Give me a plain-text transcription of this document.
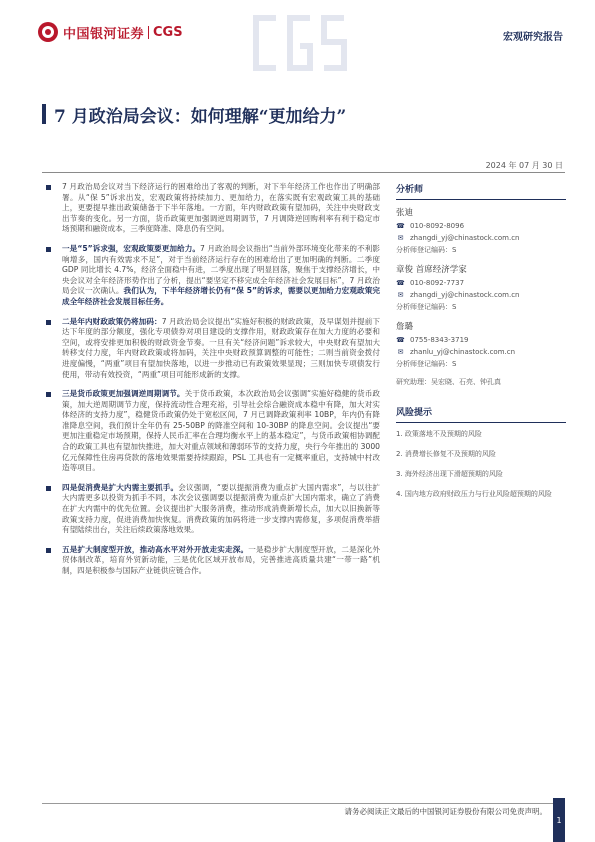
中国银河证券 CGS	宏观研究报告
7 月政治局会议：如何理解“更加给力”
2024 年 07 月 30 日
7 月政治局会议对当下经济运行的困难给出了客观的判断，对下半年经济工作也作出了明确部署。从“保 5”诉求出发，宏观政策将持续加力、更加给力，在落实既有宏观政策工具的基础上，更要提早推出政策储备于下半年落地。一方面，年内财政政策有望加码，关注中央财政支出节奏的变化。另一方面，货币政策更加强调逆周期调节，7 月调降逆回购利率有利于稳定市场预期和融资成本，三季度降准、降息仍有空间。
一是“5”诉求强，宏观政策要更加给力。7 月政治局会议指出“当前外部环境变化带来的不利影响增多，国内有效需求不足”，对于当前经济运行存在的困难给出了更加明确的判断。二季度 GDP 同比增长 4.7%，经济全面稳中有进，二季度出现了明显回落，聚焦于支撑经济增长，中央会议对全年经济形势作出了分析，提出“要坚定不移完成全年经济社会发展目标”，7 月政治局会议一次确认。我们认为，下半年经济增长仍有“保 5”的诉求，需要以更加给力宏观政策完成全年经济社会发展目标任务。
二是年内财政政策仍将加码：7 月政治局会议提出“实施好积极的财政政策，及早谋划并提前下达下年度的部分额度，强化专项债券对项目建设的支撑作用，财政政策存在加大力度的必要和空间，或将安排更加积极的财政资金节奏。一旦有关“经济问题”诉求较大，中央财政有望加大转移支付力度，年内财政政策或将加码，关注中央财政预算调整的可能性；二则当前资金拨付进度偏慢，“两重”项目有望加快落地，以进一步推动已有政策效果显现；三则加快专项债发行使用，带动有效投资，“两重”项目可能形成新的支撑。
三是货币政策更加强调逆周期调节。关于货币政策，本次政治局会议强调“实施好稳健的货币政策，加大逆周期调节力度，保持流动性合理充裕，引导社会综合融资成本稳中有降，加大对实体经济的支持力度”，稳健货币政策仍处于宽松区间，7 月已调降政策利率 10BP，年内仍有降准降息空间，我们预计全年仍有 25-50BP 的降准空间和 10-30BP 的降息空间。会议提出“要更加注重稳定市场预期，保持人民币汇率在合理均衡水平上的基本稳定”，与货币政策相协调配合的政策工具也有望加快推进，加大对重点领域和薄弱环节的支持力度，央行今年推出的 3000 亿元保障性住房再贷款的落地效果需要持续跟踪，PSL 工具也有一定概率重启，支持城中村改造等项目。
四是促消费是扩大内需主要抓手。会议强调，“要以提振消费为重点扩大国内需求”，与以往扩大内需更多以投资为抓手不同，本次会议强调要以提振消费为重点扩大国内需求，确立了消费在扩大内需中的优先位置。会议提出扩大服务消费，推动形成消费新增长点，加大以旧换新等政策支持力度，促进消费加快恢复。消费政策的加码将进一步支撑内需修复，多项促消费举措有望陆续出台，关注后续政策落地效果。
五是扩大制度型开放，推动高水平对外开放走实走深。一是稳步扩大制度型开放，二是深化外贸体制改革，培育外贸新动能，三是优化区域开放布局，完善推进高质量共建“一带一路”机制，四是积极参与国际产业链供应链合作。
分析师
张迪
☎ 010-8092-8096
✉ zhangdi_yj@chinastock.com.cn
分析师登记编码：S
章俊 首席经济学家
☎ 010-8092-7737
✉ zhangdi_yj@chinastock.com.cn
分析师登记编码：S
詹璐
☎ 0755-8343-3719
✉ zhanlu_yj@chinastock.com.cn
分析师登记编码：S
研究助理：吴宏晓、石亮、钟孔真
风险提示
1. 政策落地不及预期的风险
2. 消费增长修复不及预期的风险
3. 海外经济出现下滑超预期的风险
4. 国内地方政府财政压力与行业风险超预期的风险
请务必阅读正文最后的中国银河证券股份有限公司免责声明。
1
